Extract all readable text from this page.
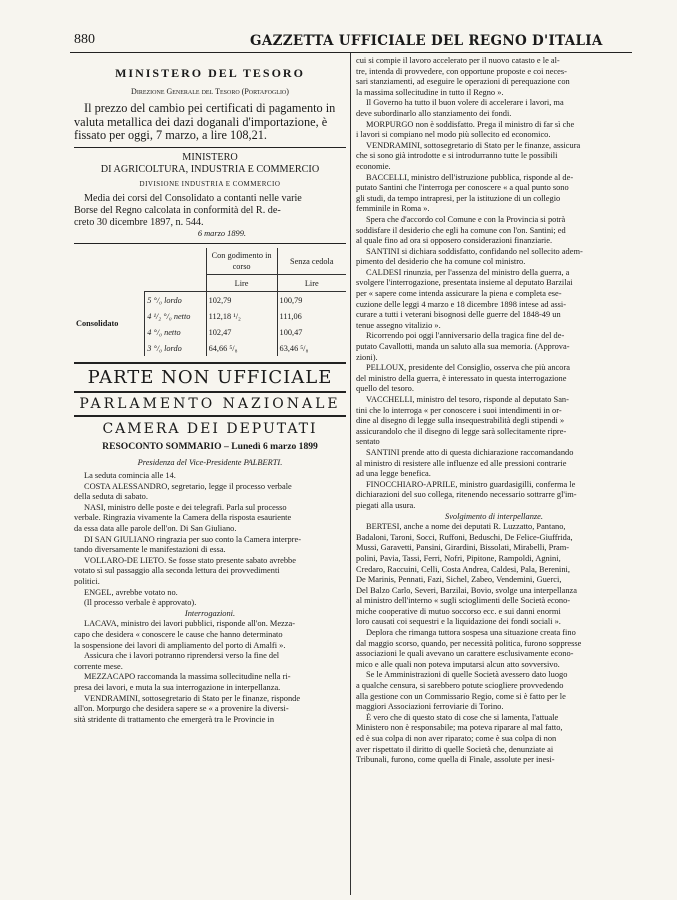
880	GAZZETTA UFFICIALE DEL REGNO D'ITALIA
MINISTERO DEL TESORO
Direzione Generale del Tesoro (Portafoglio)
Il prezzo del cambio pei certificati di pagamento in
valuta metallica dei dazi doganali d'importazione, è
fissato per oggi, 7 marzo, a lire 108,21.
MINISTERO
DI AGRICOLTURA, INDUSTRIA E COMMERCIO
DIVISIONE INDUSTRIA E COMMERCIO
Media dei corsi del Consolidato a contanti nelle varie
Borse del Regno calcolata in conformità del R. de-
creto 30 dicembre 1897, n. 544.
6 marzo 1899.
		Con godimento in corso	Senza cedola
		Lire	Lire
Consolidato	5 °/₀ lordo	102,79	100,79
	4 ¹/₂ °/₀ netto	112,18 ¹/₂	111,06
	4 °/₀ netto	102,47	100,47
	3 °/₀ lordo	64,66 ⁵/₈	63,46 ⁵/₈
PARTE NON UFFICIALE
PARLAMENTO NAZIONALE
CAMERA DEI DEPUTATI
RESOCONTO SOMMARIO – Lunedì 6 marzo 1899
Presidenza del Vice-Presidente PALBERTI.
La seduta comincia alle 14.
COSTA ALESSANDRO, segretario, legge il processo verbale
della seduta di sabato.
NASI, ministro delle poste e dei telegrafi. Parla sul processo
verbale. Ringrazia vivamente la Camera della risposta esauriente
da essa data alle parole dell'on. Di San Giuliano.
DI SAN GIULIANO ringrazia per suo conto la Camera interpre-
tando diversamente le manifestazioni di essa.
VOLLARO-DE LIETO. Se fosse stato presente sabato avrebbe
votato sì sul passaggio alla seconda lettura dei provvedimenti
politici.
ENGEL, avrebbe votato no.
(Il processo verbale è approvato).
Interrogazioni.
LACAVA, ministro dei lavori pubblici, risponde all'on. Mezza-
capo che desidera « conoscere le cause che hanno determinato
la sospensione dei lavori di ampliamento del porto di Amalfi ».
Assicura che i lavori potranno riprendersi verso la fine del
corrente mese.
MEZZACAPO raccomanda la massima sollecitudine nella ri-
presa dei lavori, e muta la sua interrogazione in interpellanza.
VENDRAMINI, sottosegretario di Stato per le finanze, risponde
all'on. Morpurgo che desidera sapere se « a provenire la diversi-
sità stridente di trattamento che emergerà tra le Provincie in
cui si compie il lavoro accelerato per il nuovo catasto e le al-
tre, intenda di provvedere, con opportune proposte e coi neces-
sari stanziamenti, ad eseguire le operazioni di perequazione con
la massima sollecitudine in tutto il Regno ».
Il Governo ha tutto il buon volere di accelerare i lavori, ma
deve subordinarlo allo stanziamento dei fondi.
MORPURGO non è soddisfatto. Prega il ministro di far sì che
i lavori si compiano nel modo più sollecito ed economico.
VENDRAMINI, sottosegretario di Stato per le finanze, assicura
che si sono già introdotte e si introdurranno tutte le possibili
economie.
BACCELLI, ministro dell'istruzione pubblica, risponde al de-
putato Santini che l'interroga per conoscere « a qual punto sono
gli studi, da tempo intrapresi, per la istituzione di un collegio
femminile in Roma ».
Spera che d'accordo col Comune e con la Provincia si potrà
soddisfare il desiderio che egli ha comune con l'on. Santini; ed
al quale fino ad ora si opposero considerazioni finanziarie.
SANTINI si dichiara soddisfatto, confidando nel sollecito adem-
pimento del desiderio che ha comune col ministro.
CALDESI rinunzia, per l'assenza del ministro della guerra, a
svolgere l'interrogazione, presentata insieme al deputato Barzilai
per « sapere come intenda assicurare la piena e completa ese-
cuzione delle leggi 4 marzo e 18 dicembre 1898 intese ad assi-
curare a tutti i veterani bisognosi delle guerre del 1848-49 un
tenue assegno vitalizio ».
Ricorrendo poi oggi l'anniversario della tragica fine del de-
putato Cavallotti, manda un saluto alla sua memoria. (Approva-
zioni).
PELLOUX, presidente del Consiglio, osserva che più ancora
del ministro della guerra, è interessato in questa interrogazione
quello del tesoro.
VACCHELLI, ministro del tesoro, risponde al deputato San-
tini che lo interroga « per conoscere i suoi intendimenti in or-
dine al disegno di legge sulla insequestrabilità degli stipendi »
assicurandolo che il disegno di legge sarà sollecitamente ripre-
sentato
SANTINI prende atto di questa dichiarazione raccomandando
al ministro di resistere alle influenze ed alle pressioni contrarie
ad una legge benefica.
FINOCCHIARO-APRILE, ministro guardasigilli, conferma le
dichiarazioni del suo collega, ritenendo necessario sottrarre gl'im-
piegati alla usura.
Svolgimento di interpellanze.
BERTESI, anche a nome dei deputati R. Luzzatto, Pantano,
Badaloni, Taroni, Socci, Ruffoni, Beduschi, De Felice-Giuffrida,
Mussi, Garavetti, Pansini, Girardini, Bissolati, Mirabelli, Pram-
polini, Pavia, Tassi, Ferri, Nofri, Pipitone, Rampoldi, Agnini,
Credaro, Raccuini, Celli, Costa Andrea, Caldesi, Pala, Berenini,
De Marinis, Pennati, Fazi, Sichel, Zabeo, Vendemini, Guerci,
Del Balzo Carlo, Severi, Barzilai, Bovio, svolge una interpellanza
al ministro dell'interno « sugli scioglimenti delle Società econo-
miche cooperative di mutuo soccorso ecc. e sui danni enormi
loro causati coi sequestri e la liquidazione dei fondi sociali ».
Deplora che rimanga tuttora sospesa una situazione creata fino
dal maggio scorso, quando, per necessità politica, furono soppresse
associazioni le quali avevano un carattere esclusivamente econo-
mico e alle quali non poteva imputarsi alcun atto sovversivo.
Se le Amministrazioni di quelle Società avessero dato luogo
a qualche censura, si sarebbero potute sciogliere provvedendo
alla gestione con un Commissario Regio, come si è fatto per le
maggiori Associazioni ferroviarie di Torino.
È vero che di questo stato di cose che si lamenta, l'attuale
Ministero non è responsabile; ma poteva riparare al mal fatto,
ed è sua colpa di non aver riparato; come è sua colpa di non
aver rispettato il diritto di quelle Società che, denunziate ai
Tribunali, furono, come quella di Finale, assolute per inesi-
